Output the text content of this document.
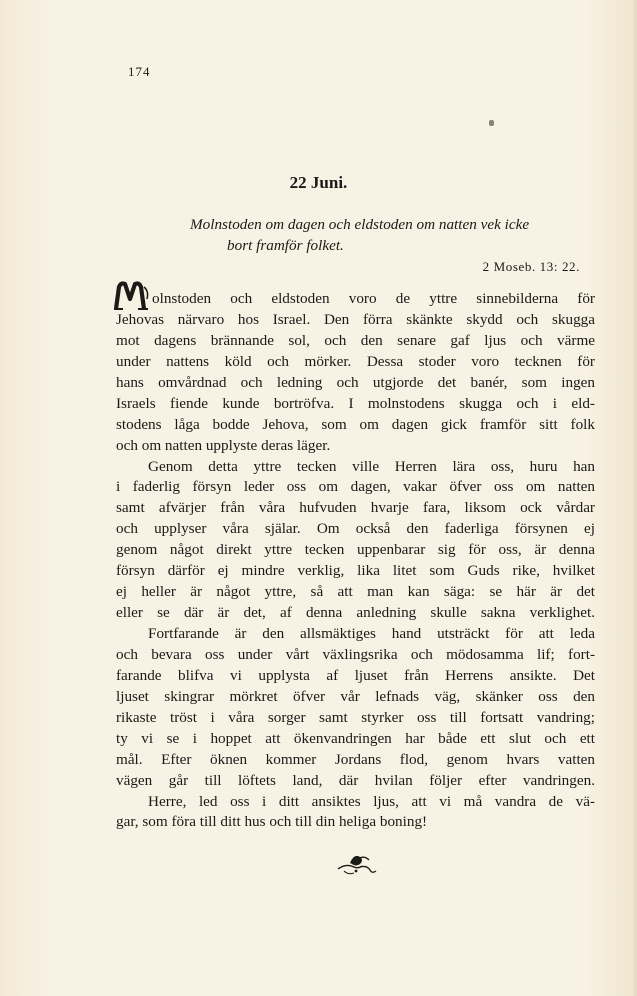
174
22 Juni.
Molnstoden om dagen och eldstoden om natten vek icke
bort framför folket.
2 Moseb. 13: 22.
olnstoden och eldstoden voro de yttre sinnebilderna för
Jehovas närvaro hos Israel. Den förra skänkte skydd och skugga
mot dagens brännande sol, och den senare gaf ljus och värme
under nattens köld och mörker. Dessa stoder voro tecknen för
hans omvårdnad och ledning och utgjorde det banér, som ingen
Israels fiende kunde bortröfva. I molnstodens skugga och i eld-
stodens låga bodde Jehova, som om dagen gick framför sitt folk
och om natten upplyste deras läger.
Genom detta yttre tecken ville Herren lära oss, huru han
i faderlig försyn leder oss om dagen, vakar öfver oss om natten
samt afvärjer från våra hufvuden hvarje fara, liksom ock vårdar
och upplyser våra själar. Om också den faderliga försynen ej
genom något direkt yttre tecken uppenbarar sig för oss, är denna
försyn därför ej mindre verklig, lika litet som Guds rike, hvilket
ej heller är något yttre, så att man kan säga: se här är det
eller se där är det, af denna anledning skulle sakna verklighet.
Fortfarande är den allsmäktiges hand utsträckt för att leda
och bevara oss under vårt växlingsrika och mödosamma lif; fort-
farande blifva vi upplysta af ljuset från Herrens ansikte. Det
ljuset skingrar mörkret öfver vår lefnads väg, skänker oss den
rikaste tröst i våra sorger samt styrker oss till fortsatt vandring;
ty vi se i hoppet att ökenvandringen har både ett slut och ett
mål. Efter öknen kommer Jordans flod, genom hvars vatten
vägen går till löftets land, där hvilan följer efter vandringen.
Herre, led oss i ditt ansiktes ljus, att vi må vandra de vä-
gar, som föra till ditt hus och till din heliga boning!
